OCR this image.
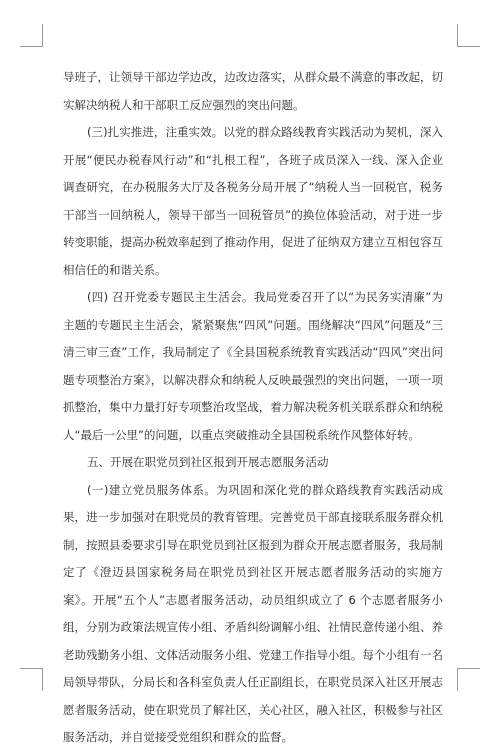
导班子，让领导干部边学边改，边改边落实，从群众最不满意的事改起，切实解决纳税人和干部职工反应强烈的突出问题。

(三)扎实推进，注重实效。以党的群众路线教育实践活动为契机，深入开展“便民办税春风行动”和“扎根工程”，各班子成员深入一线、深入企业调查研究，在办税服务大厅及各税务分局开展了“纳税人当一回税官，税务干部当一回纳税人，领导干部当一回税管员”的换位体验活动，对于进一步转变职能，提高办税效率起到了推动作用，促进了征纳双方建立互相包容互相信任的和谐关系。

(四) 召开党委专题民主生活会。我局党委召开了以“为民务实清廉”为主题的专题民主生活会，紧紧聚焦“四风”问题。围绕解决“四风”问题及“三清三审三查”工作，我局制定了《全县国税系统教育实践活动“四风”突出问题专项整治方案》，以解决群众和纳税人反映最强烈的突出问题，一项一项抓整治，集中力量打好专项整治攻坚战，着力解决税务机关联系群众和纳税人“最后一公里”的问题，以重点突破推动全县国税系统作风整体好转。

五、开展在职党员到社区报到开展志愿服务活动

(一)建立党员服务体系。为巩固和深化党的群众路线教育实践活动成果，进一步加强对在职党员的教育管理。完善党员干部直接联系服务群众机制，按照县委要求引导在职党员到社区报到为群众开展志愿者服务，我局制定了《澄迈县国家税务局在职党员到社区开展志愿者服务活动的实施方案》。开展“五个人”志愿者服务活动，动员组织成立了 6 个志愿者服务小组，分别为政策法规宣传小组、矛盾纠纷调解小组、社情民意传递小组、养老助残勤务小组、文体活动服务小组、党建工作指导小组。每个小组有一名局领导带队，分局长和各科室负责人任正副组长，在职党员深入社区开展志愿者服务活动，使在职党员了解社区，关心社区，融入社区，积极参与社区服务活动，并自觉接受党组织和群众的监督。
